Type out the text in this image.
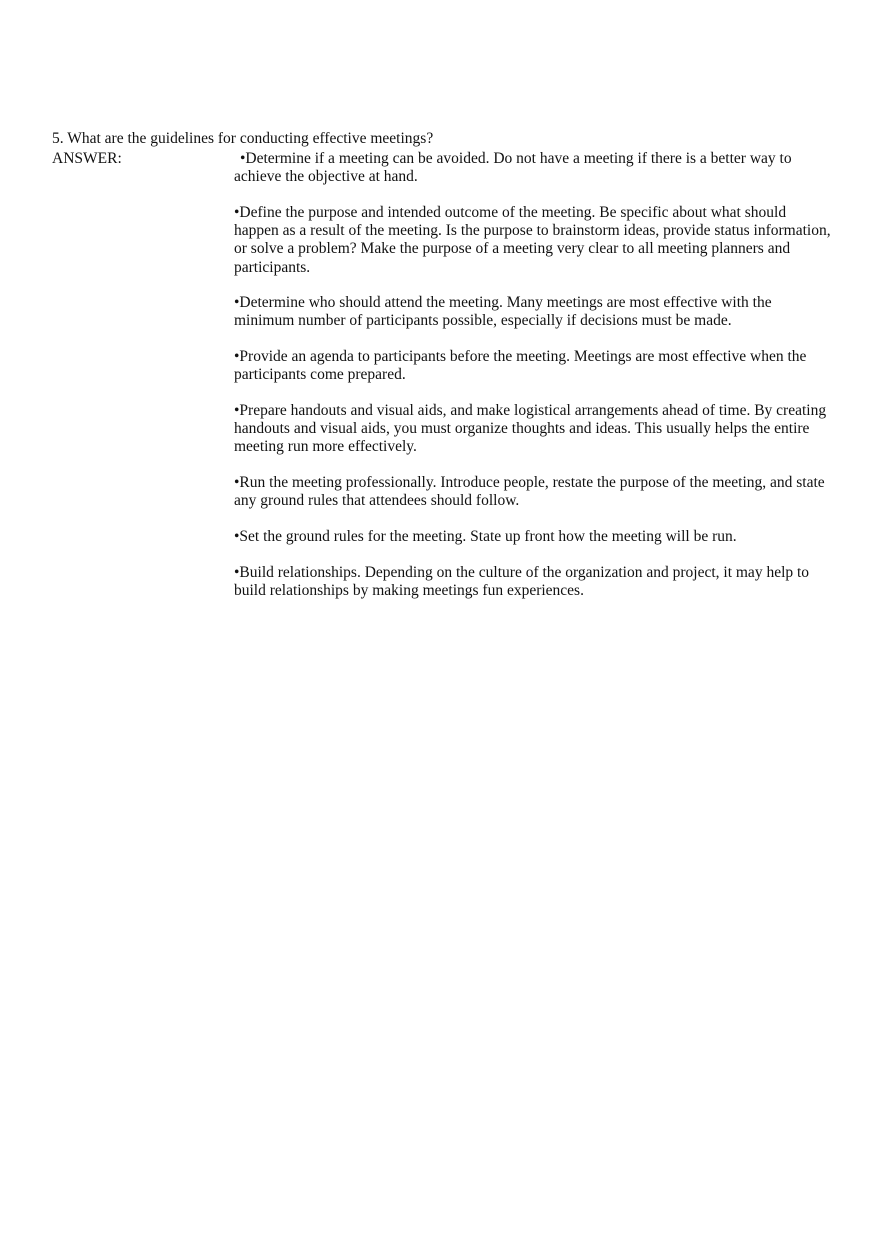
5. What are the guidelines for conducting effective meetings?
ANSWER:	•Determine if a meeting can be avoided. Do not have a meeting if there is a better way to achieve the objective at hand.

•Define the purpose and intended outcome of the meeting. Be specific about what should happen as a result of the meeting. Is the purpose to brainstorm ideas, provide status information, or solve a problem? Make the purpose of a meeting very clear to all meeting planners and participants.

•Determine who should attend the meeting. Many meetings are most effective with the minimum number of participants possible, especially if decisions must be made.

•Provide an agenda to participants before the meeting. Meetings are most effective when the participants come prepared.

•Prepare handouts and visual aids, and make logistical arrangements ahead of time. By creating handouts and visual aids, you must organize thoughts and ideas. This usually helps the entire meeting run more effectively.

•Run the meeting professionally. Introduce people, restate the purpose of the meeting, and state any ground rules that attendees should follow.

•Set the ground rules for the meeting. State up front how the meeting will be run.

•Build relationships. Depending on the culture of the organization and project, it may help to build relationships by making meetings fun experiences.
